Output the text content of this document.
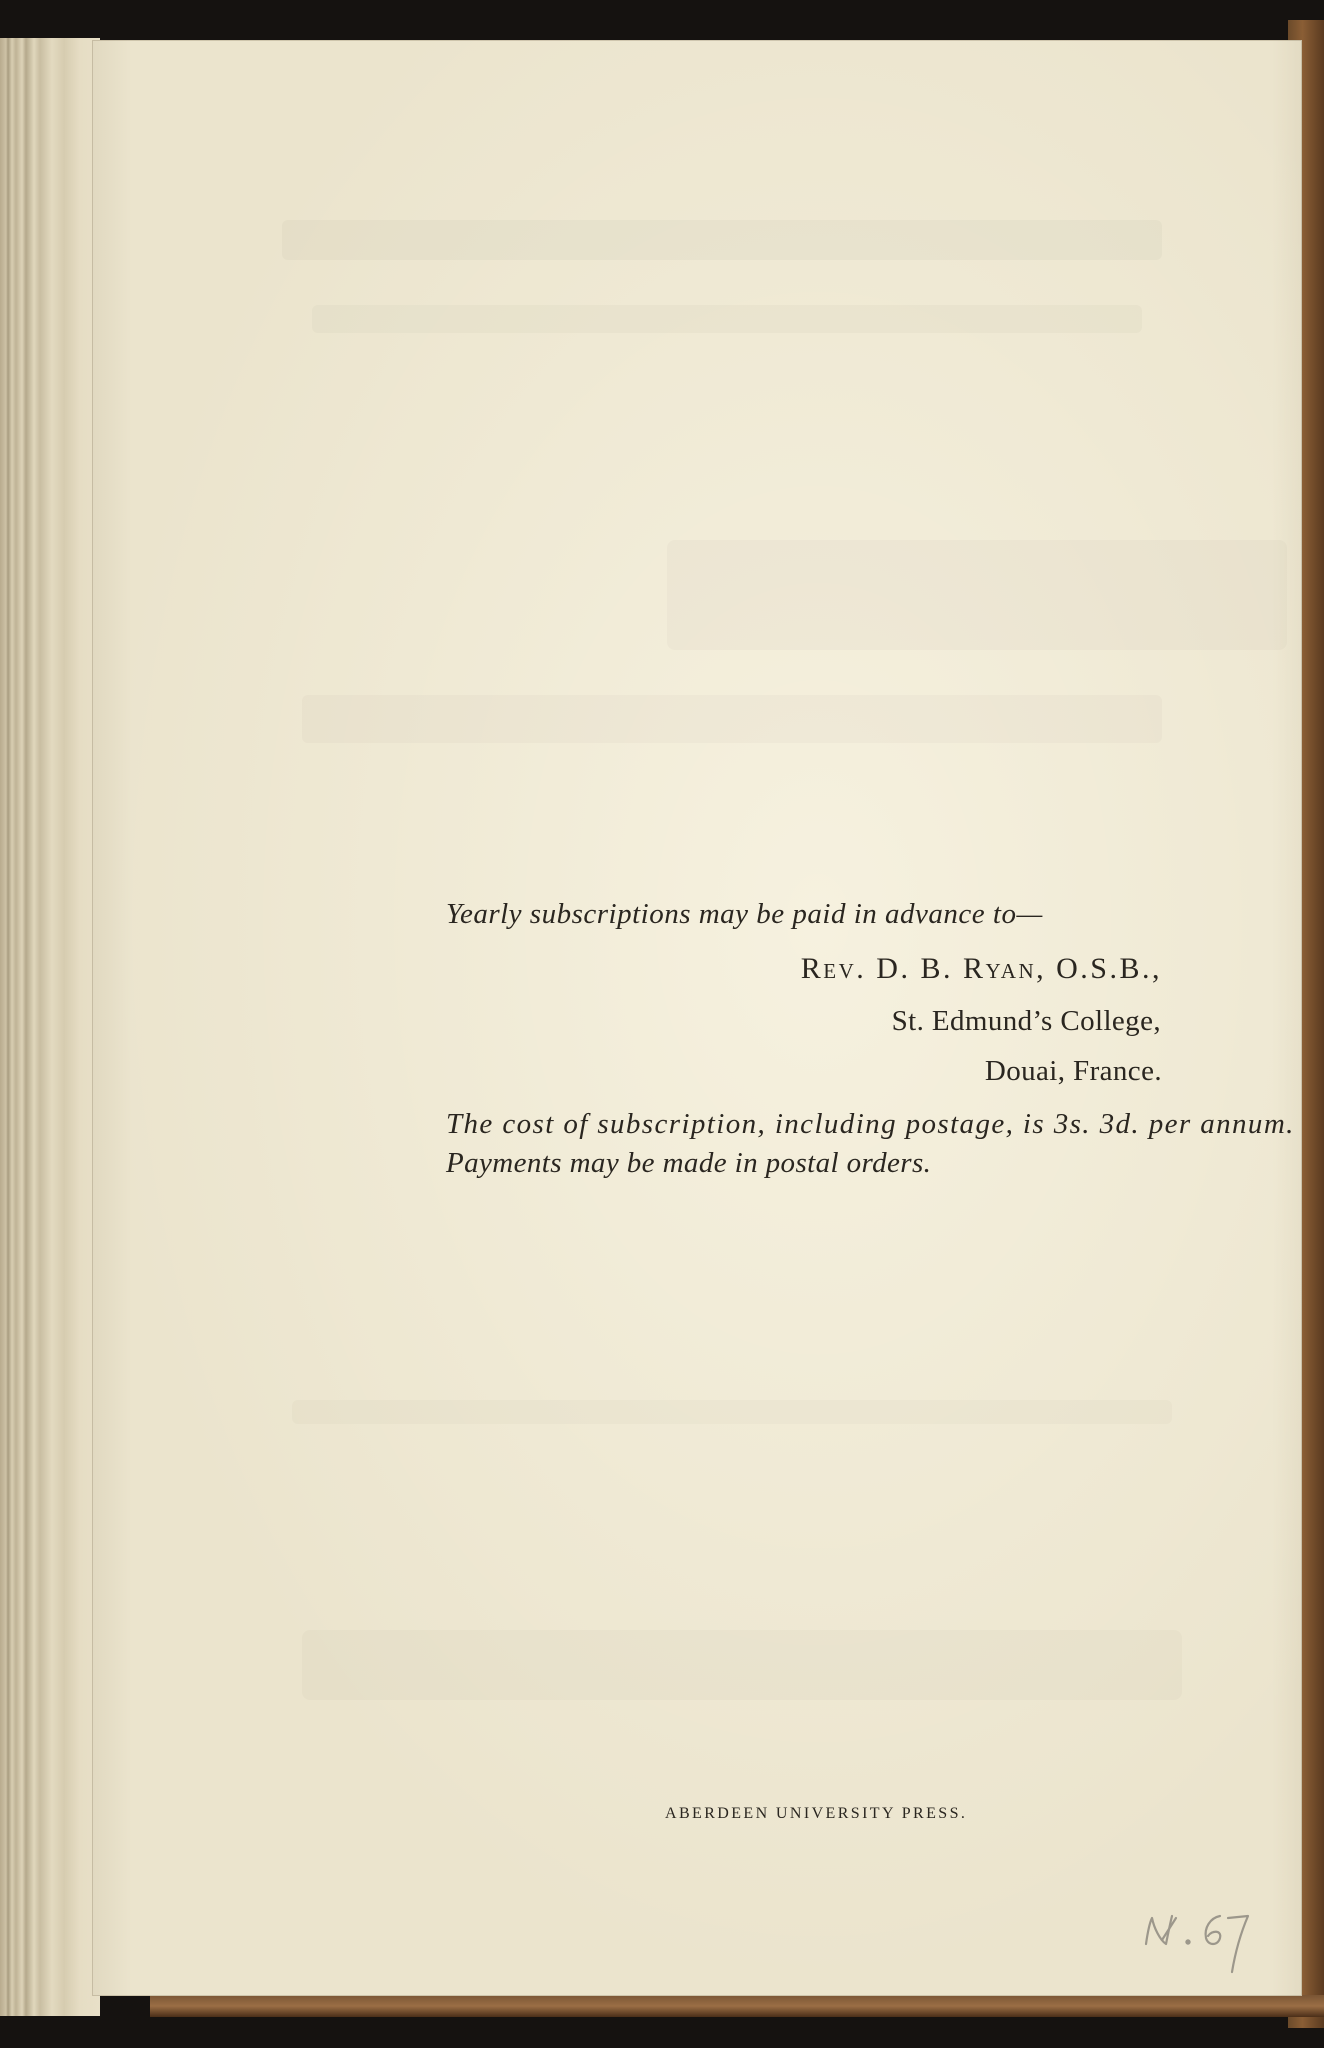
Yearly subscriptions may be paid in advance to—
Rev. D. B. Ryan, O.S.B.,
St. Edmund’s College,
Douai, France.
The cost of subscription, including postage, is 3s. 3d. per annum.
Payments may be made in postal orders.
ABERDEEN UNIVERSITY PRESS.
